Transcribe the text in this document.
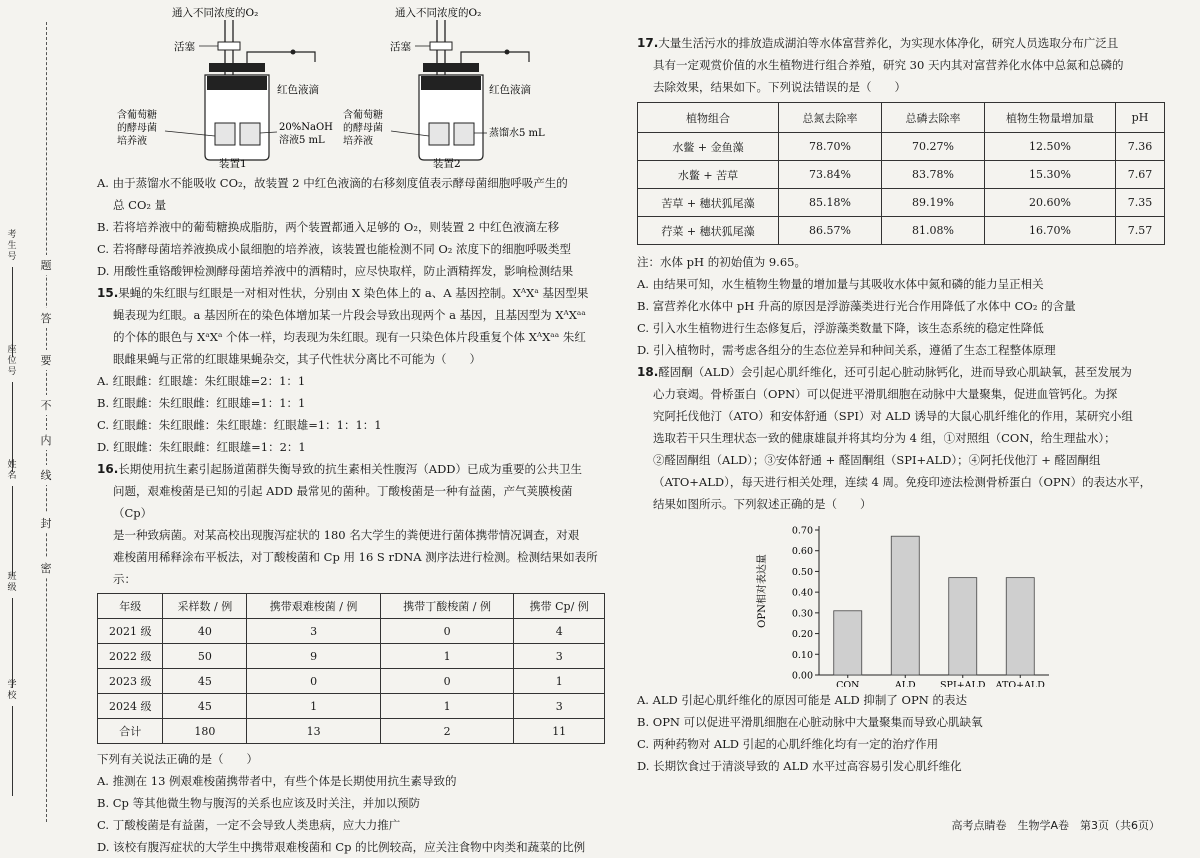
考生号
座位号
姓名
班级
学校
题
答
要
不
内
线
封
密
通入不同浓度的O₂
活塞
红色液滴
含葡萄糖的酵母菌培养液
20%NaOH 溶液5 mL
装置1
通入不同浓度的O₂
活塞
红色液滴
含葡萄糖的酵母菌培养液
蒸馏水5 mL
装置2

A. 由于蒸馏水不能吸收 CO₂，故装置 2 中红色液滴的右移刻度值表示酵母菌细胞呼吸产生的

总 CO₂ 量

B. 若将培养液中的葡萄糖换成脂肪，两个装置都通入足够的 O₂，则装置 2 中红色液滴左移

C. 若将酵母菌培养液换成小鼠细胞的培养液，该装置也能检测不同 O₂ 浓度下的细胞呼吸类型

D. 用酸性重铬酸钾检测酵母菌培养液中的酒精时，应尽快取样，防止酒精挥发，影响检测结果

15.果蝇的朱红眼与红眼是一对相对性状，分别由 X 染色体上的 a、A 基因控制。XᴬXᵃ 基因型果

蝇表现为红眼。a 基因所在的染色体增加某一片段会导致出现两个 a 基因，且基因型为 XᴬXᵃᵃ

的个体的眼色与 XᵃXᵃ 个体一样，均表现为朱红眼。现有一只染色体片段重复个体 XᴬXᵃᵃ 朱红

眼雌果蝇与正常的红眼雄果蝇杂交，其子代性状分离比不可能为（　　）

A. 红眼雌：红眼雄：朱红眼雄=2：1：1

B. 红眼雌：朱红眼雌：红眼雄=1：1：1

C. 红眼雌：朱红眼雌：朱红眼雄：红眼雄=1：1：1：1

D. 红眼雌：朱红眼雌：红眼雄=1：2：1

16.长期使用抗生素引起肠道菌群失衡导致的抗生素相关性腹泻（ADD）已成为重要的公共卫生

问题，艰难梭菌是已知的引起 ADD 最常见的菌种。丁酸梭菌是一种有益菌，产气荚膜梭菌（Cp）

是一种致病菌。对某高校出现腹泻症状的 180 名大学生的粪便进行菌体携带情况调查，对艰

难梭菌用稀释涂布平板法，对丁酸梭菌和 Cp 用 16 S rDNA 测序法进行检测。检测结果如表所示：

年级	采样数 / 例	携带艰难梭菌 / 例	携带丁酸梭菌 / 例	携带 Cp/ 例
2021 级	40	3	0	4
2022 级	50	9	1	3
2023 级	45	0	0	1
2024 级	45	1	1	3
合计	180	13	2	11

下列有关说法正确的是（　　）

A. 推测在 13 例艰难梭菌携带者中，有些个体是长期使用抗生素导致的

B. Cp 等其他微生物与腹泻的关系也应该及时关注，并加以预防

C. 丁酸梭菌是有益菌，一定不会导致人类患病，应大力推广

D. 该校有腹泻症状的大学生中携带艰难梭菌和 Cp 的比例较高，应关注食物中肉类和蔬菜的比例

17.大量生活污水的排放造成湖泊等水体富营养化，为实现水体净化，研究人员选取分布广泛且

具有一定观赏价值的水生植物进行组合养殖，研究 30 天内其对富营养化水体中总氮和总磷的

去除效果，结果如下。下列说法错误的是（　　）

植物组合	总氮去除率	总磷去除率	植物生物量增加量	pH
水鳖 + 金鱼藻	78.70%	70.27%	12.50%	7.36
水鳖 + 苦草	73.84%	83.78%	15.30%	7.67
苦草 + 穗状狐尾藻	85.18%	89.19%	20.60%	7.35
荇菜 + 穗状狐尾藻	86.57%	81.08%	16.70%	7.57

注：水体 pH 的初始值为 9.65。

A. 由结果可知，水生植物生物量的增加量与其吸收水体中氮和磷的能力呈正相关

B. 富营养化水体中 pH 升高的原因是浮游藻类进行光合作用降低了水体中 CO₂ 的含量

C. 引入水生植物进行生态修复后，浮游藻类数量下降，该生态系统的稳定性降低

D. 引入植物时，需考虑各组分的生态位差异和种间关系，遵循了生态工程整体原理

18.醛固酮（ALD）会引起心肌纤维化，还可引起心脏动脉钙化，进而导致心肌缺氧，甚至发展为

心力衰竭。骨桥蛋白（OPN）可以促进平滑肌细胞在动脉中大量聚集，促进血管钙化。为探

究阿托伐他汀（ATO）和安体舒通（SPI）对 ALD 诱导的大鼠心肌纤维化的作用，某研究小组

选取若干只生理状态一致的健康雄鼠并将其均分为 4 组，①对照组（CON，给生理盐水）；

②醛固酮组（ALD）；③安体舒通 + 醛固酮组（SPI+ALD）；④阿托伐他汀 + 醛固酮组

（ATO+ALD），每天进行相关处理，连续 4 周。免疫印迹法检测骨桥蛋白（OPN）的表达水平，

结果如图所示。下列叙述正确的是（　　）

OPN相对表达量
0.00
0.10
0.20
0.30
0.40
0.50
0.60
0.70
CON	ALD	SPI+ALD ATO+ALD

A. ALD 引起心肌纤维化的原因可能是 ALD 抑制了 OPN 的表达

B. OPN 可以促进平滑肌细胞在心脏动脉中大量聚集而导致心肌缺氧

C. 两种药物对 ALD 引起的心肌纤维化均有一定的治疗作用

D. 长期饮食过于清淡导致的 ALD 水平过高容易引发心肌纤维化

高考点睛卷　生物学A卷　第3页（共6页）
